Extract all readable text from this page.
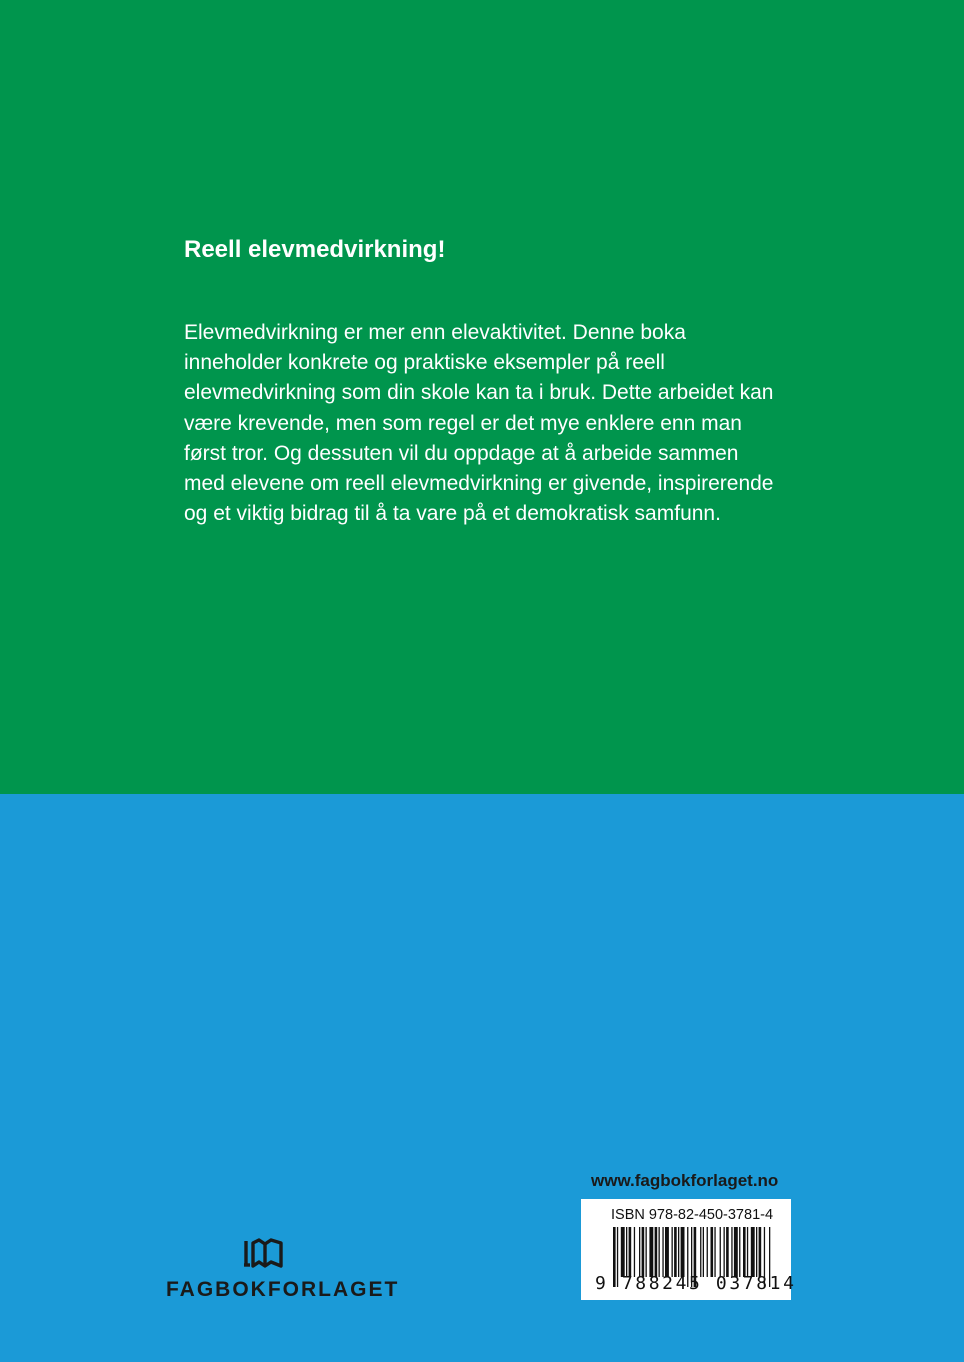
Reell elevmedvirkning!

Elevmedvirkning er mer enn elevaktivitet. Denne boka inneholder konkrete og praktiske eksempler på reell elevmedvirkning som din skole kan ta i bruk. Dette arbeidet kan være krevende, men som regel er det mye enklere enn man først tror. Og dessuten vil du oppdage at å arbeide sammen med elevene om reell elevmedvirkning er givende, inspirerende og et viktig bidrag til å ta vare på et demokratisk samfunn.

www.fagbokforlaget.no
ISBN 978-82-450-3781-4
9 788245 037814
FAGBOKFORLAGET
